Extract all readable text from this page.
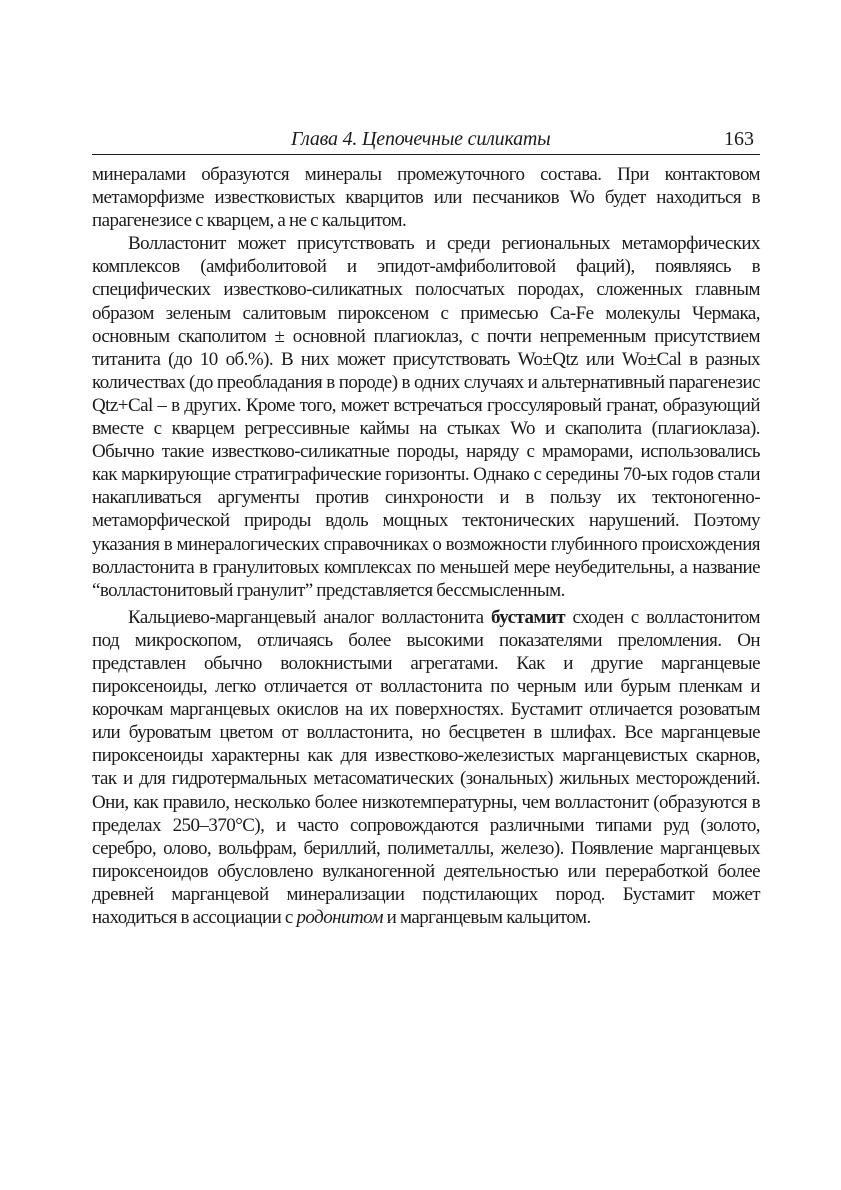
Глава 4. Цепочечные силикаты	163

минералами образуются минералы промежуточного состава. При контактовом метаморфизме известковистых кварцитов или песчаников Wo будет находиться в парагенезисе с кварцем, а не с кальцитом.

Волластонит может присутствовать и среди региональных метаморфических комплексов (амфиболитовой и эпидот-амфиболитовой фаций), появляясь в специфических известково-силикатных полосчатых породах, сложенных главным образом зеленым салитовым пироксеном с примесью Ca-Fe молекулы Чермака, основным скаполитом ± основной плагиоклаз, с почти непременным присутствием титанита (до 10 об.%). В них может присутствовать Wo±Qtz или Wo±Cal в разных количествах (до преобладания в породе) в одних случаях и альтернативный парагенезис Qtz+Cal – в других. Кроме того, может встречаться гроссуляровый гранат, образующий вместе с кварцем регрессивные каймы на стыках Wo и скаполита (плагиоклаза). Обычно такие известково-силикатные породы, наряду с мраморами, использовались как маркирующие стратиграфические горизонты. Однако с середины 70-ых годов стали накапливаться аргументы против синхроности и в пользу их тектоногенно-метаморфической природы вдоль мощных тектонических нарушений. Поэтому указания в минералогических справочниках о возможности глубинного происхождения волластонита в гранулитовых комплексах по меньшей мере неубедительны, а название “волластонитовый гранулит” представляется бессмысленным.

Кальциево-марганцевый аналог волластонита бустамит сходен с волластонитом под микроскопом, отличаясь более высокими показателями преломления. Он представлен обычно волокнистыми агрегатами. Как и другие марганцевые пироксеноиды, легко отличается от волластонита по черным или бурым пленкам и корочкам марганцевых окислов на их поверхностях. Бустамит отличается розоватым или буроватым цветом от волластонита, но бесцветен в шлифах. Все марганцевые пироксеноиды характерны как для известково-железистых марганцевистых скарнов, так и для гидротермальных метасоматических (зональных) жильных месторождений. Они, как правило, несколько более низкотемпературны, чем волластонит (образуются в пределах 250–370°C), и часто сопровождаются различными типами руд (золото, серебро, олово, вольфрам, бериллий, полиметаллы, железо). Появление марганцевых пироксеноидов обусловлено вулканогенной деятельностью или переработкой более древней марганцевой минерализации подстилающих пород. Бустамит может находиться в ассоциации с родонитом и марганцевым кальцитом.
